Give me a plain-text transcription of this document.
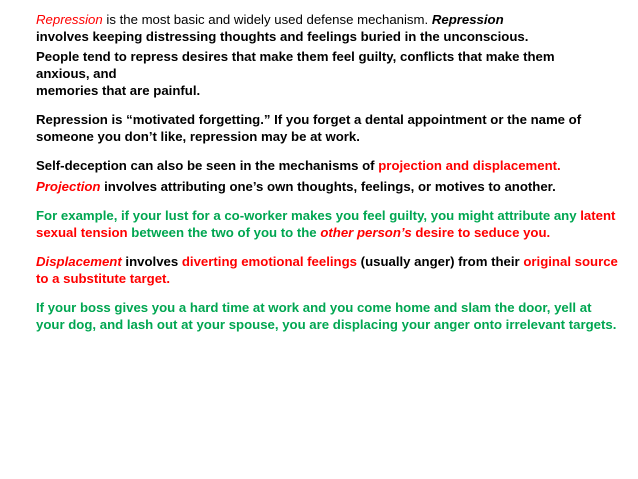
Repression is the most basic and widely used defense mechanism. Repression
involves keeping distressing thoughts and feelings buried in the unconscious.

People tend to repress desires that make them feel guilty, conflicts that make them
anxious, and
memories that are painful.

Repression is “motivated forgetting.” If you forget a dental appointment or the name of someone you don’t like, repression may be at work.

Self-deception can also be seen in the mechanisms of projection and displacement.

Projection involves attributing one’s own thoughts, feelings, or motives to another.

For example, if your lust for a co-worker makes you feel guilty, you might attribute any latent sexual tension between the two of you to the other person’s desire to seduce you.

Displacement involves diverting emotional feelings (usually anger) from their original source to a substitute target.

If your boss gives you a hard time at work and you come home and slam the door, yell at your dog, and lash out at your spouse, you are displacing your anger onto irrelevant targets.
